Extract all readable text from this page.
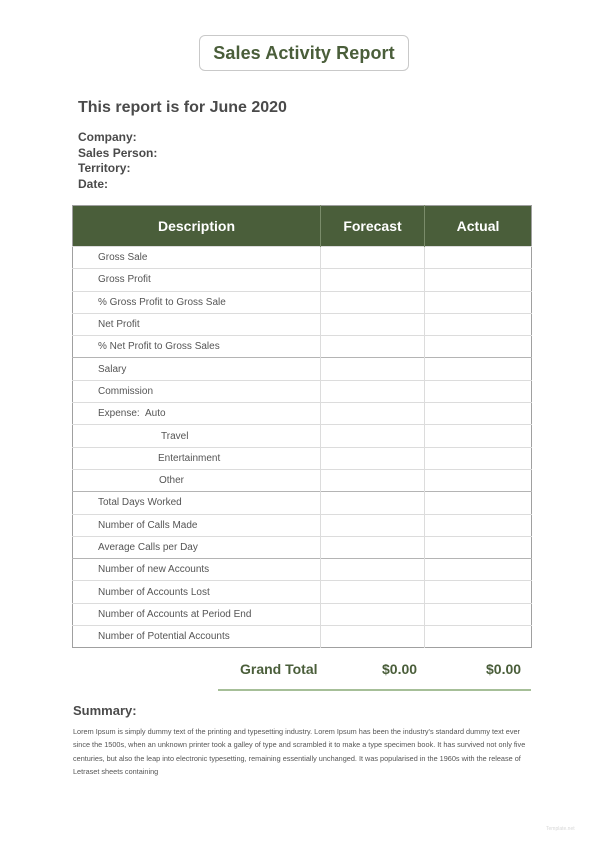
Sales Activity Report
This report is for June 2020
Company:
Sales Person:
Territory:
Date:
Description	Forecast	Actual
Gross Sale		
Gross Profit		
% Gross Profit to Gross Sale		
Net Profit		
% Net Profit to Gross Sales		
Salary		
Commission		
Expense: Auto		
Travel		
Entertainment		
Other		
Total Days Worked		
Number of Calls Made		
Average Calls per Day		
Number of new Accounts		
Number of Accounts Lost		
Number of Accounts at Period End		
Number of Potential Accounts		
Grand Total	$0.00	$0.00
Summary:
Lorem Ipsum is simply dummy text of the printing and typesetting industry. Lorem Ipsum has been the industry's standard dummy text ever since the 1500s, when an unknown printer took a galley of type and scrambled it to make a type specimen book. It has survived not only five centuries, but also the leap into electronic typesetting, remaining essentially unchanged. It was popularised in the 1960s with the release of Letraset sheets containing
Template.net
